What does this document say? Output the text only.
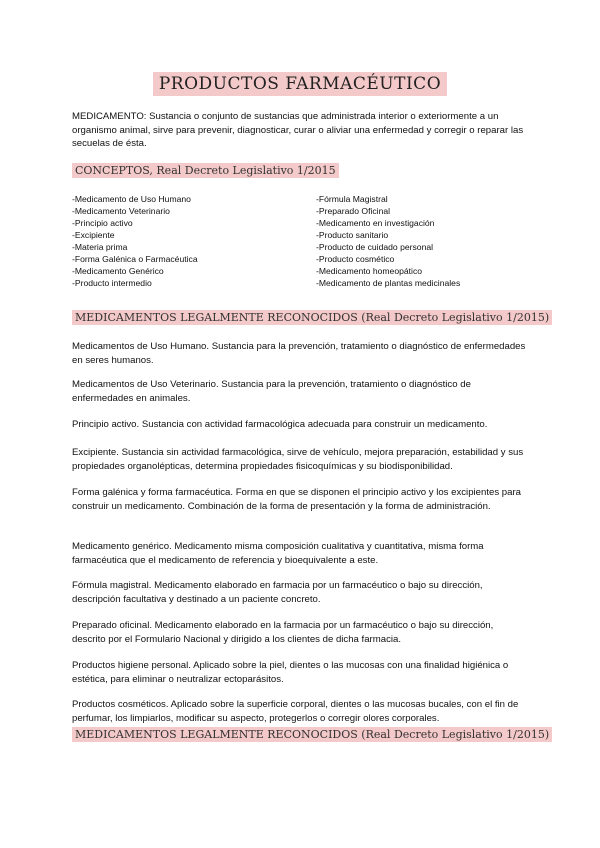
PRODUCTOS FARMACÉUTICO
MEDICAMENTO: Sustancia o conjunto de sustancias que administrada interior o exteriormente a un organismo animal, sirve para prevenir, diagnosticar, curar o aliviar una enfermedad y corregir o reparar las secuelas de ésta.
CONCEPTOS, Real Decreto Legislativo 1/2015
-Medicamento de Uso Humano
-Medicamento Veterinario
-Principio activo
-Excipiente
-Materia prima
-Forma Galénica o Farmacéutica
-Medicamento Genérico
-Producto intermedio
-Fórmula Magistral
-Preparado Oficinal
-Medicamento en investigación
-Producto sanitario
-Producto de cuidado personal
-Producto cosmético
-Medicamento homeopático
-Medicamento de plantas medicinales
MEDICAMENTOS LEGALMENTE RECONOCIDOS (Real Decreto Legislativo 1/2015)
Medicamentos de Uso Humano. Sustancia para la prevención, tratamiento o diagnóstico de enfermedades en seres humanos.
Medicamentos de Uso Veterinario. Sustancia para la prevención, tratamiento o diagnóstico de enfermedades en animales.
Principio activo. Sustancia con actividad farmacológica adecuada para construir un medicamento.
Excipiente. Sustancia sin actividad farmacológica, sirve de vehículo, mejora preparación, estabilidad y sus propiedades organolépticas, determina propiedades fisicoquímicas y su biodisponibilidad.
Forma galénica y forma farmacéutica. Forma en que se disponen el principio activo y los excipientes para construir un medicamento. Combinación de la forma de presentación y la forma de administración.
Medicamento genérico. Medicamento misma composición cualitativa y cuantitativa, misma forma farmacéutica que el medicamento de referencia y bioequivalente a este.
Fórmula magistral. Medicamento elaborado en farmacia por un farmacéutico o bajo su dirección, descripción facultativa y destinado a un paciente concreto.
Preparado oficinal. Medicamento elaborado en la farmacia por un farmacéutico o bajo su dirección, descrito por el Formulario Nacional y dirigido a los clientes de dicha farmacia.
Productos higiene personal. Aplicado sobre la piel, dientes o las mucosas con una finalidad higiénica o estética, para eliminar o neutralizar ectoparásitos.
Productos cosméticos. Aplicado sobre la superficie corporal, dientes o las mucosas bucales, con el fin de perfumar, los limpiarlos, modificar su aspecto, protegerlos o corregir olores corporales.
MEDICAMENTOS LEGALMENTE RECONOCIDOS (Real Decreto Legislativo 1/2015)
